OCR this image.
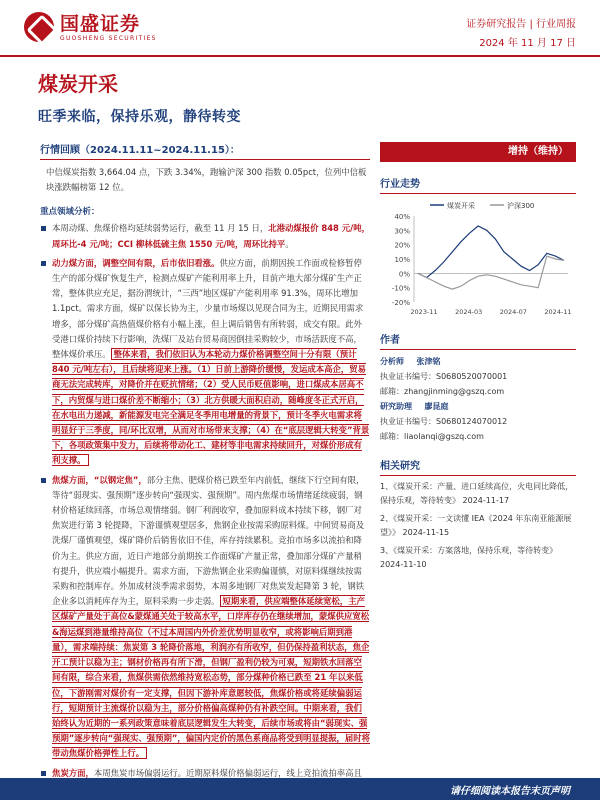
国盛证券
GUOSHENG SECURITIES
证券研究报告 | 行业周报
2024 年 11 月 17 日
煤炭开采
旺季来临，保持乐观，静待转变
行情回顾（2024.11.11~2024.11.15）：
中信煤炭指数 3,664.04 点，下跌 3.34%，跑输沪深 300 指数 0.05pct，位列中信板块涨跌幅榜第 12 位。
重点领域分析：
本周动煤、焦煤价格均延续弱势运行，截至 11 月 15 日，北港动煤报价 848 元/吨，周环比-4 元/吨；CCI 柳林低硫主焦 1550 元/吨，周环比持平。
动力煤方面，调整空间有限，后市依旧看涨。供应方面，前期因挨工作面或检修暂停生产的部分煤矿恢复生产，检测点煤矿产能利用率上升，目前产地大部分煤矿生产正常，整体供应充足，据汾渭统计，“三西”地区煤矿产能利用率 91.3%，周环比增加 1.1pct。需求方面，煤矿以保长协为主，少量市场煤以见现合同为主，近期民用需求增多，部分煤矿高热值煤价格有小幅上涨，但上调后销售有所转弱，成交有限。此外受港口煤价持续下行影响，洗煤厂及站台贸易商因倒挂采购较少，市场活跃度不高，整体煤价承压。 整体来看，我们依旧认为本轮动力煤价格调整空间十分有限（预计 840 元/吨左右），且后续将迎来上涨。（1）日前上游降价缓慢，发运成本高企，贸易商无法完成转库，对降价并在贬抗情绪；（2）受人民币贬值影响，进口煤成本居高不下，内贸煤与进口煤价差不断缩小；（3）北方供暖大面积启动，随峰度冬正式开启，在水电出力递减，新能源发电完全满足冬季用电增量的背景下，预计冬季火电需求将明显好于三季度，同/环比双增，从而对市场带来支撑；（4）在“底层逻辑大转变”背景下，各项政策集中发力，后续将带动化工、建材等非电需求持续回升，对煤价形成有利支撑。
焦煤方面，“以钢定焦”，部分主焦、肥煤价格已跌至年内前低，继续下行空间有限，等待“弱现实、强预期”逐步转向“强现实、强预期”。周内焦煤市场情绪延续疲弱，钢材价格延续回落，市场总观情绪弱。钢厂利润收窄，叠加原料成本持续下移，钢厂对焦炭进行第 3 轮提降，下游谨慎观望居多，焦钢企业按需采购原料煤。中间贸易商及洗煤厂谨慎观望，煤矿降价后销售依旧不佳，库存持续累积。竞拍市场多以流拍和降价为主。供应方面，近日产地部分前期挨工作面煤矿产量正常，叠加部分煤矿产量稍有提升，供应端小幅提升。需求方面，下游焦钢企业采购偏谨慎，对原料煤继续按需采购和控制库存。外加成材淡季需求弱势，本周多地钢厂对焦炭发起降第 3 轮，钢铁企业多以消耗库存为主，原料采购一步走弱。 短期来看，供应端整体延续宽松，主产区煤矿产量处于高位&蒙煤通关处于较高水平，口岸库存仍在继续增加，蒙煤供应宽松&海运煤到港量维持高位（不过本周国内外价差优势明显收窄，或将影响后期到港量），需求端持续：焦炭第 3 轮降价落地，利润亦有所收窄，但仍保持盈利状态，焦企开工预计以稳为主；钢材价格再有所下滑，但钢厂盈利仍较为可观，短期铁水回落空间有限，综合来看，焦煤供需依然维持宽松态势，部分煤种价格已跌至 21 年以来低位，下游刚需对煤价有一定支撑，但因下游补库意愿较低，焦煤价格或将延续偏弱运行，短期预计主流煤价以稳为主，部分价格偏高煤种仍有补跌空间。中期来看，我们始终认为近期的一系列政策意味着底层逻辑发生大转变，后续市场或将由“弱现实、强预期”逐步转向“强现实、强预期”，偏国内定价的黑色系商品将受到明显提振，届时将带动焦煤价格弹性上行。
焦炭方面，本周焦炭市场偏弱运行。近期原料煤价格偏弱运行，线上竞拍流拍率高且
增持（维持）
行业走势
40%
30%
20%
10%
0%
-10%
-20%
2023-11	2024-03	2024-07	2024-11
煤炭开采	沪深300
作者
分析师 张津铭
执业证书编号：S0680520070001
邮箱：zhangjinming@gszq.com
研究助理 廖昆庭
执业证书编号：S0680124070012
邮箱：liaolanqi@gszq.com
相关研究
1、《煤炭开采：产量、进口延续高位，火电同比降低，保持乐观，等待转变》 2024-11-17
2、《煤炭开采：一文读懂 IEA《2024 年东南亚能源展望》》 2024-11-15
3、《煤炭开采：方案落地，保持乐观，等待转变》 2024-11-10
请仔细阅读本报告末页声明
